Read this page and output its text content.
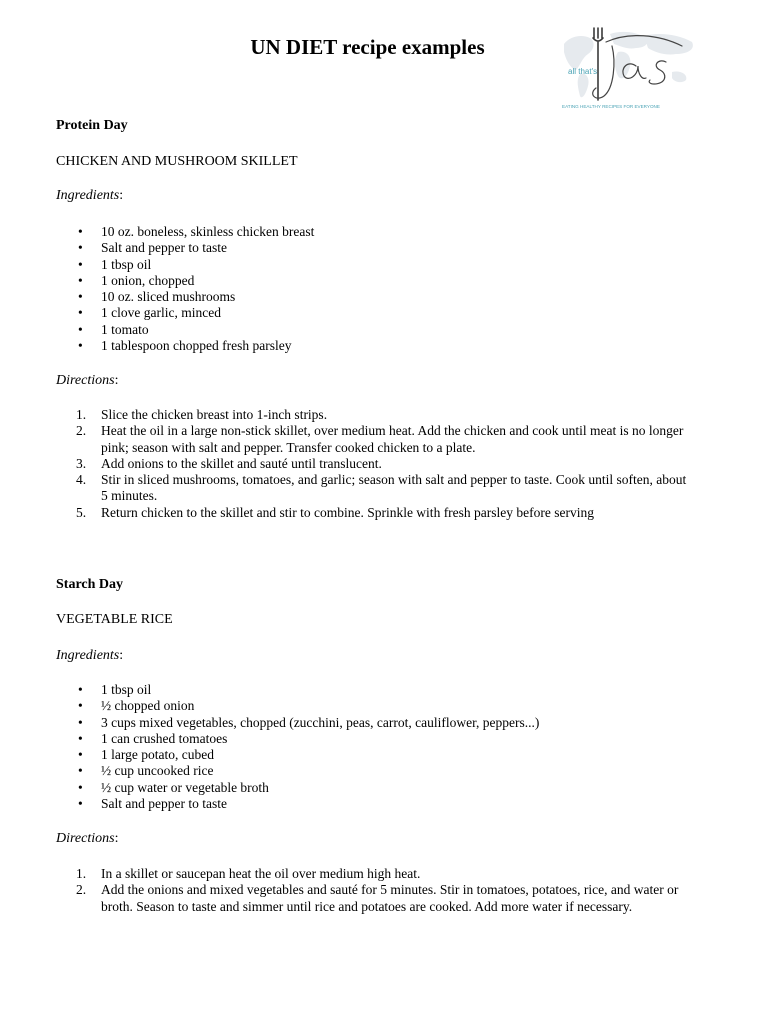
UN DIET recipe examples
all that's
EATING HEALTHY RECIPES FOR EVERYONE

Protein Day

CHICKEN AND MUSHROOM SKILLET

Ingredients:

•	10 oz. boneless, skinless chicken breast
•	Salt and pepper to taste
•	1 tbsp oil
•	1 onion, chopped
•	10 oz. sliced mushrooms
•	1 clove garlic, minced
•	1 tomato
•	1 tablespoon chopped fresh parsley

Directions:

1.	Slice the chicken breast into 1-inch strips.
2.	Heat the oil in a large non-stick skillet, over medium heat. Add the chicken and cook until meat is no longer pink; season with salt and pepper. Transfer cooked chicken to a plate.
3.	Add onions to the skillet and sauté until translucent.
4.	Stir in sliced mushrooms, tomatoes, and garlic; season with salt and pepper to taste. Cook until soften, about 5 minutes.
5.	Return chicken to the skillet and stir to combine. Sprinkle with fresh parsley before serving

Starch Day

VEGETABLE RICE

Ingredients:

•	1 tbsp oil
•	½ chopped onion
•	3 cups mixed vegetables, chopped (zucchini, peas, carrot, cauliflower, peppers...)
•	1 can crushed tomatoes
•	1 large potato, cubed
•	½ cup uncooked rice
•	½ cup water or vegetable broth
•	Salt and pepper to taste

Directions:

1.	In a skillet or saucepan heat the oil over medium high heat.
2.	Add the onions and mixed vegetables and sauté for 5 minutes. Stir in tomatoes, potatoes, rice, and water or broth. Season to taste and simmer until rice and potatoes are cooked. Add more water if necessary.
